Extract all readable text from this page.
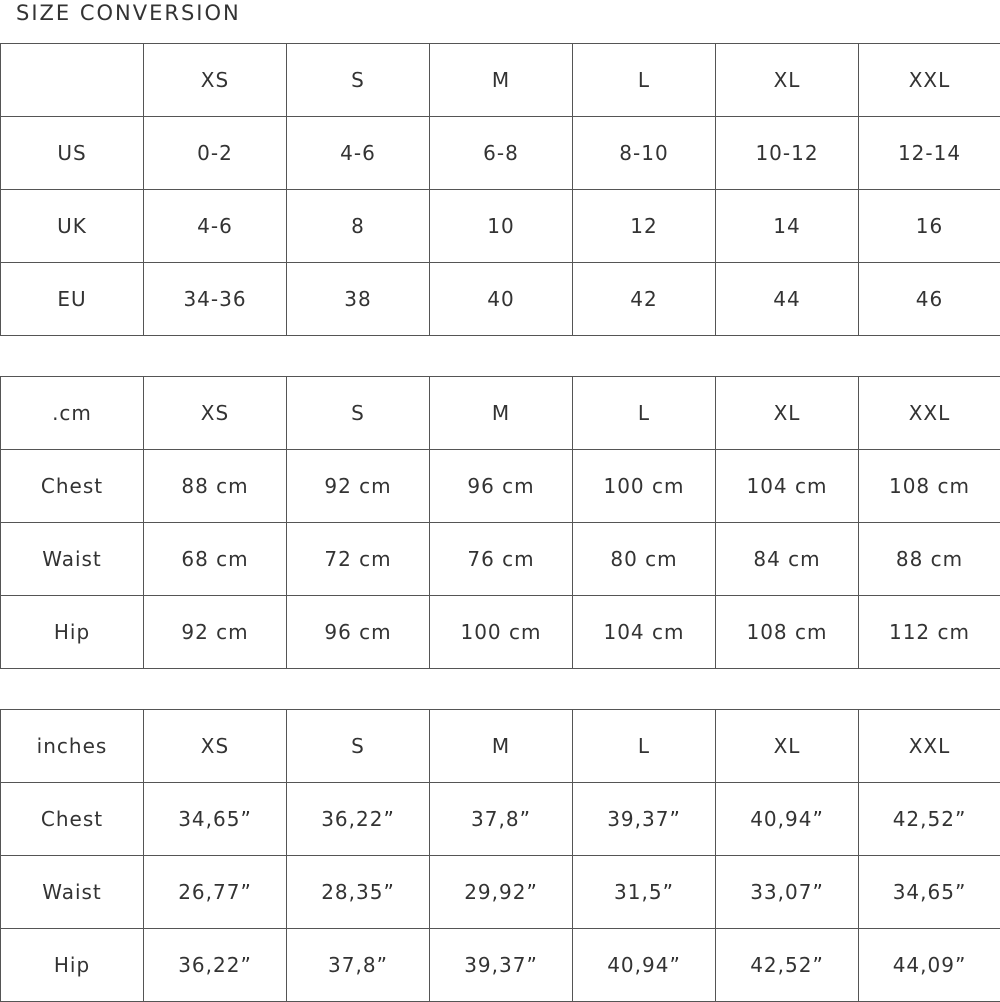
SIZE CONVERSION
	XS	S	M	L	XL	XXL
US	0-2	4-6	6-8	8-10	10-12	12-14
UK	4-6	8	10	12	14	16
EU	34-36	38	40	42	44	46
.cm	XS	S	M	L	XL	XXL
Chest	88 cm	92 cm	96 cm	100 cm	104 cm	108 cm
Waist	68 cm	72 cm	76 cm	80 cm	84 cm	88 cm
Hip	92 cm	96 cm	100 cm	104 cm	108 cm	112 cm
inches	XS	S	M	L	XL	XXL
Chest	34,65”	36,22”	37,8”	39,37”	40,94”	42,52”
Waist	26,77”	28,35”	29,92”	31,5”	33,07”	34,65”
Hip	36,22”	37,8”	39,37”	40,94”	42,52”	44,09”
